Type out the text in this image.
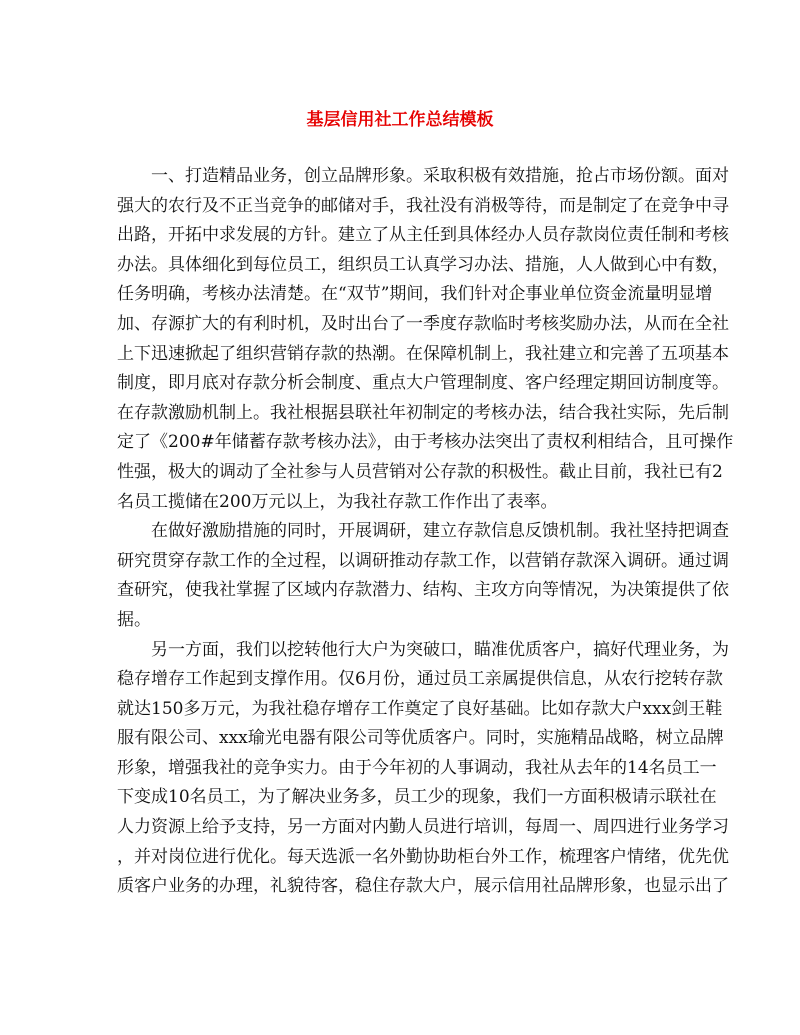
基层信用社工作总结模板

一、打造精品业务，创立品牌形象。采取积极有效措施，抢占市场份额。面对
强大的农行及不正当竞争的邮储对手，我社没有消极等待，而是制定了在竞争中寻
出路，开拓中求发展的方针。建立了从主任到具体经办人员存款岗位责任制和考核
办法。具体细化到每位员工，组织员工认真学习办法、措施，人人做到心中有数，
任务明确，考核办法清楚。在“双节”期间，我们针对企事业单位资金流量明显增
加、存源扩大的有利时机，及时出台了一季度存款临时考核奖励办法，从而在全社
上下迅速掀起了组织营销存款的热潮。在保障机制上，我社建立和完善了五项基本
制度，即月底对存款分析会制度、重点大户管理制度、客户经理定期回访制度等。
在存款激励机制上。我社根据县联社年初制定的考核办法，结合我社实际，先后制
定了《200#年储蓄存款考核办法》，由于考核办法突出了责权利相结合，且可操作
性强，极大的调动了全社参与人员营销对公存款的积极性。截止目前，我社已有2
名员工揽储在200万元以上，为我社存款工作作出了表率。

在做好激励措施的同时，开展调研，建立存款信息反馈机制。我社坚持把调查
研究贯穿存款工作的全过程，以调研推动存款工作，以营销存款深入调研。通过调
查研究，使我社掌握了区域内存款潜力、结构、主攻方向等情况，为决策提供了依
据。

另一方面，我们以挖转他行大户为突破口，瞄准优质客户，搞好代理业务，为
稳存增存工作起到支撑作用。仅6月份，通过员工亲属提供信息，从农行挖转存款
就达150多万元，为我社稳存增存工作奠定了良好基础。比如存款大户xxx剑王鞋
服有限公司、xxx瑜光电器有限公司等优质客户。同时，实施精品战略，树立品牌
形象，增强我社的竞争实力。由于今年初的人事调动，我社从去年的14名员工一
下变成10名员工，为了解决业务多，员工少的现象，我们一方面积极请示联社在
人力资源上给予支持，另一方面对内勤人员进行培训，每周一、周四进行业务学习
，并对岗位进行优化。每天选派一名外勤协助柜台外工作，梳理客户情绪，优先优
质客户业务的办理，礼貌待客，稳住存款大户，展示信用社品牌形象，也显示出了
